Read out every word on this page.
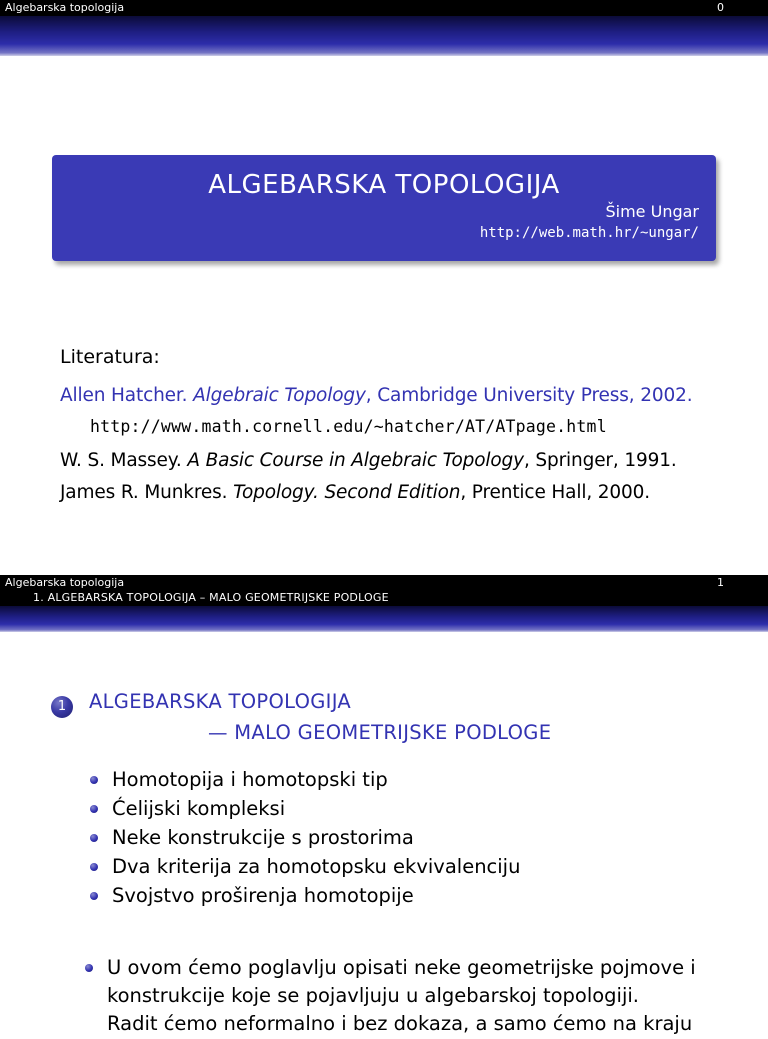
Algebarska topologija	0
ALGEBARSKA TOPOLOGIJA
Šime Ungar
http://web.math.hr/~ungar/
Literatura:
Allen Hatcher. Algebraic Topology, Cambridge University Press, 2002.
http://www.math.cornell.edu/~hatcher/AT/ATpage.html
W. S. Massey. A Basic Course in Algebraic Topology, Springer, 1991.
James R. Munkres. Topology. Second Edition, Prentice Hall, 2000.
Algebarska topologija	1
1. ALGEBARSKA TOPOLOGIJA – MALO GEOMETRIJSKE PODLOGE
1	ALGEBARSKA TOPOLOGIJA
— MALO GEOMETRIJSKE PODLOGE
Homotopija i homotopski tip
Ćelijski kompleksi
Neke konstrukcije s prostorima
Dva kriterija za homotopsku ekvivalenciju
Svojstvo proširenja homotopije
U ovom ćemo poglavlju opisati neke geometrijske pojmove i
konstrukcije koje se pojavljuju u algebarskoj topologiji.
Radit ćemo neformalno i bez dokaza, a samo ćemo na kraju
